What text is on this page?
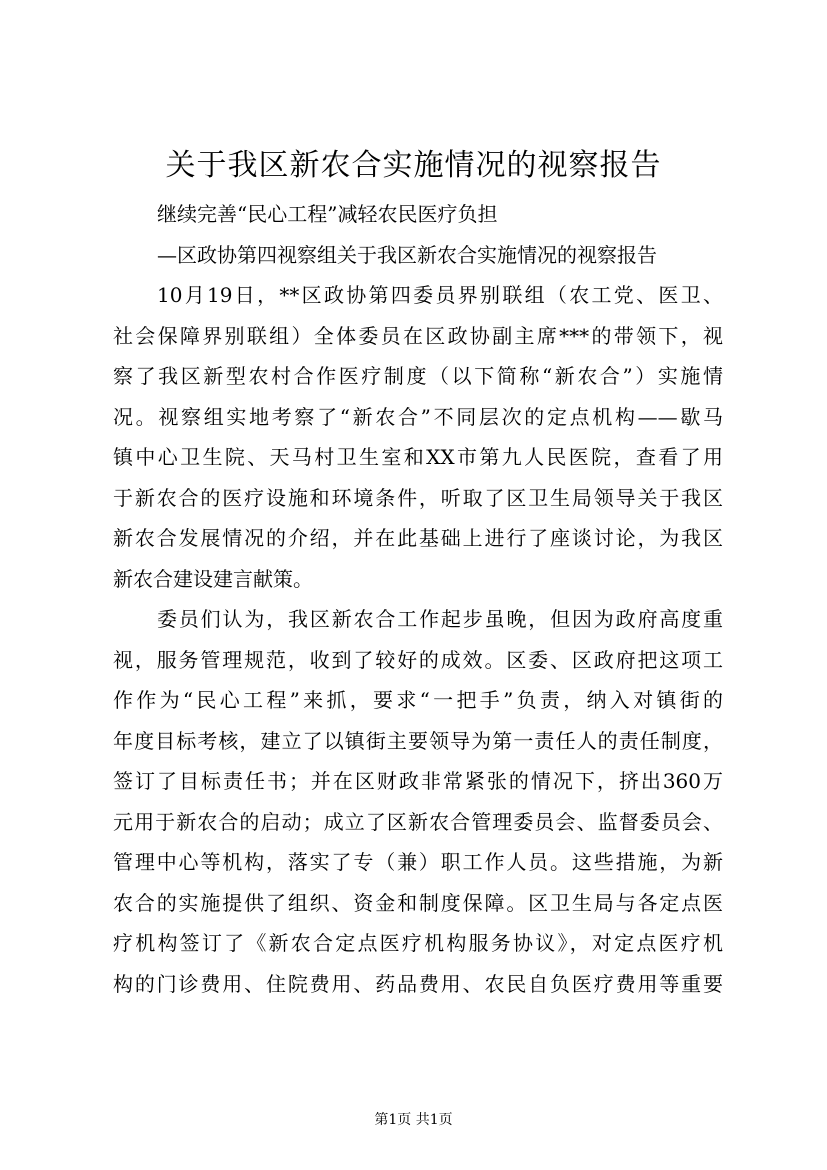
关于我区新农合实施情况的视察报告
继续完善“民心工程”减轻农民医疗负担
—区政协第四视察组关于我区新农合实施情况的视察报告
10月19日，**区政协第四委员界别联组（农工党、医卫、
社会保障界别联组）全体委员在区政协副主席***的带领下，视
察了我区新型农村合作医疗制度（以下简称“新农合”）实施情
况。视察组实地考察了“新农合”不同层次的定点机构——歇马
镇中心卫生院、天马村卫生室和XX市第九人民医院，查看了用
于新农合的医疗设施和环境条件，听取了区卫生局领导关于我区
新农合发展情况的介绍，并在此基础上进行了座谈讨论，为我区
新农合建设建言献策。
委员们认为，我区新农合工作起步虽晚，但因为政府高度重
视，服务管理规范，收到了较好的成效。区委、区政府把这项工
作作为“民心工程”来抓，要求“一把手”负责，纳入对镇街的
年度目标考核，建立了以镇街主要领导为第一责任人的责任制度，
签订了目标责任书；并在区财政非常紧张的情况下，挤出360万
元用于新农合的启动；成立了区新农合管理委员会、监督委员会、
管理中心等机构，落实了专（兼）职工作人员。这些措施，为新
农合的实施提供了组织、资金和制度保障。区卫生局与各定点医
疗机构签订了《新农合定点医疗机构服务协议》，对定点医疗机
构的门诊费用、住院费用、药品费用、农民自负医疗费用等重要
第1页 共1页
